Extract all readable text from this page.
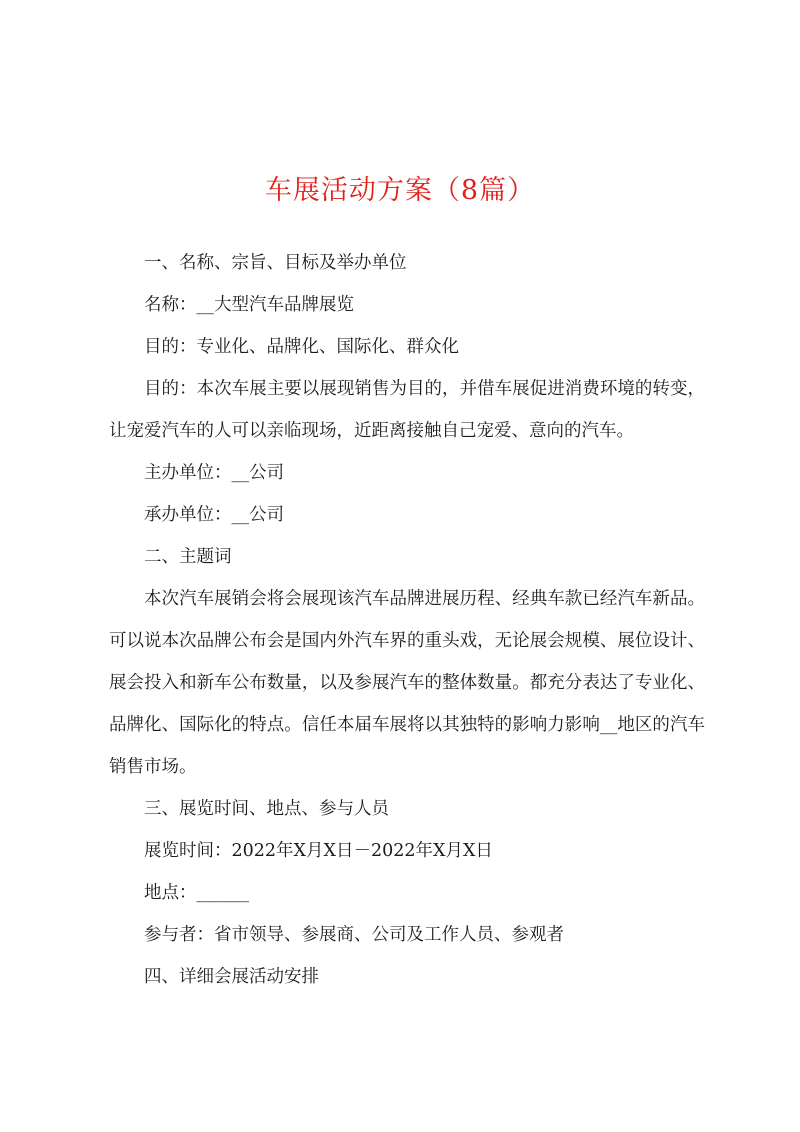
车展活动方案（8篇）

一、名称、宗旨、目标及举办单位

名称：__大型汽车品牌展览

目的：专业化、品牌化、国际化、群众化

目的：本次车展主要以展现销售为目的，并借车展促进消费环境的转变，让宠爱汽车的人可以亲临现场，近距离接触自己宠爱、意向的汽车。

主办单位：__公司

承办单位：__公司

二、主题词

本次汽车展销会将会展现该汽车品牌进展历程、经典车款已经汽车新品。可以说本次品牌公布会是国内外汽车界的重头戏，无论展会规模、展位设计、展会投入和新车公布数量，以及参展汽车的整体数量。都充分表达了专业化、品牌化、国际化的特点。信任本届车展将以其独特的影响力影响__地区的汽车销售市场。

三、展览时间、地点、参与人员

展览时间：2022年X月X日－2022年X月X日

地点：______

参与者：省市领导、参展商、公司及工作人员、参观者

四、详细会展活动安排
